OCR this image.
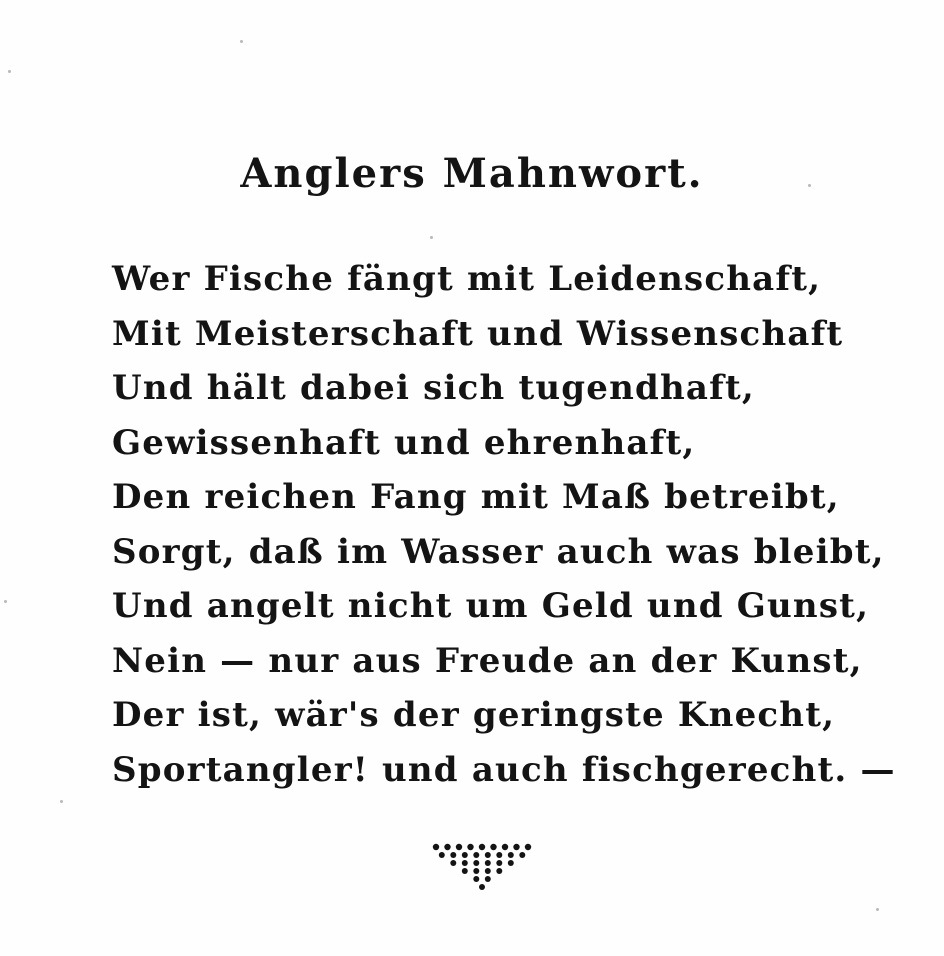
Anglers Mahnwort.
Wer Fische fängt mit Leidenschaft,
Mit Meisterschaft und Wissenschaft
Und hält dabei sich tugendhaft,
Gewissenhaft und ehrenhaft,
Den reichen Fang mit Maß betreibt,
Sorgt, daß im Wasser auch was bleibt,
Und angelt nicht um Geld und Gunst,
Nein — nur aus Freude an der Kunst,
Der ist, wär's der geringste Knecht,
Sportangler! und auch fischgerecht. —
